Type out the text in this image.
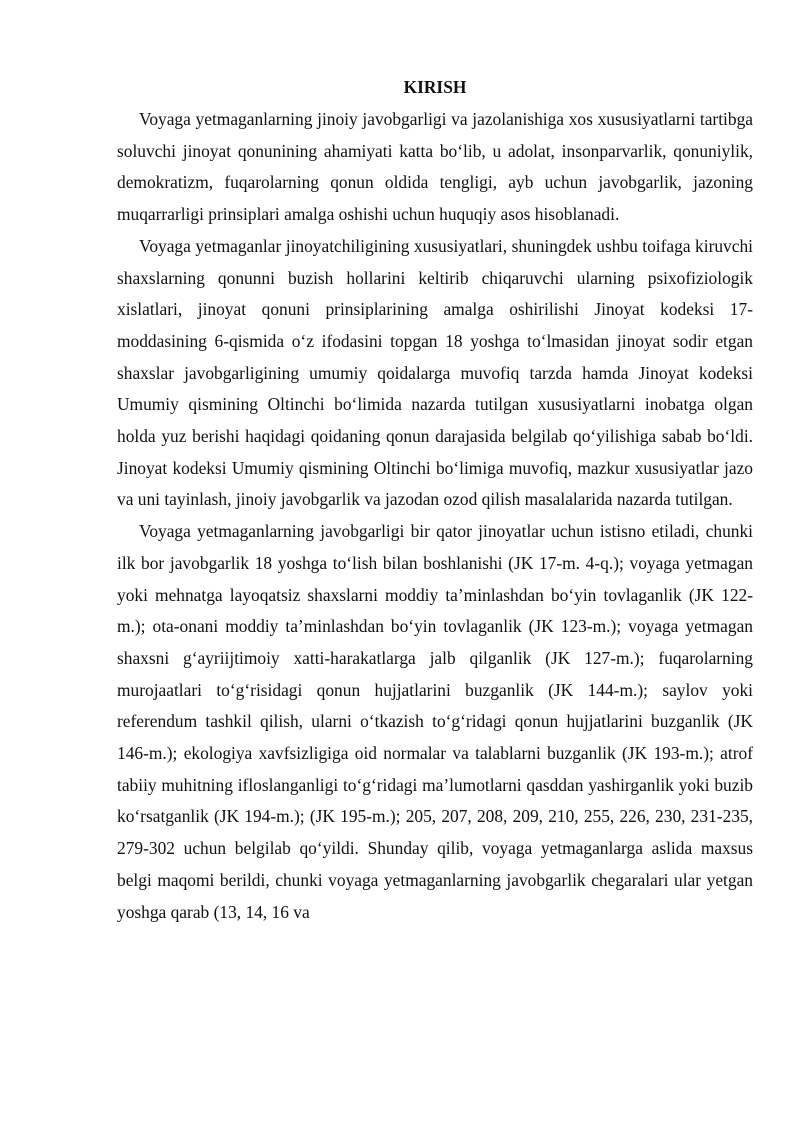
KIRISH

Voyaga yetmaganlarning jinoiy javobgarligi va jazolanishiga xos xususiyatlarni tartibga soluvchi jinoyat qonunining ahamiyati katta boʻlib, u adolat, insonparvarlik, qonuniylik, demokratizm, fuqarolarning qonun oldida tengligi, ayb uchun javobgarlik, jazoning muqarrarligi prinsiplari amalga oshishi uchun huquqiy asos hisoblanadi.

Voyaga yetmaganlar jinoyatchiligining xususiyatlari, shuningdek ushbu toifaga kiruvchi shaxslarning qonunni buzish hollarini keltirib chiqaruvchi ularning psixofiziologik xislatlari, jinoyat qonuni prinsiplarining amalga oshirilishi Jinoyat kodeksi 17-moddasining 6-qismida oʻz ifodasini topgan 18 yoshga toʻlmasidan jinoyat sodir etgan shaxslar javobgarligining umumiy qoidalarga muvofiq tarzda hamda Jinoyat kodeksi Umumiy qismining Oltinchi boʻlimida nazarda tutilgan xususiyatlarni inobatga olgan holda yuz berishi haqidagi qoidaning qonun darajasida belgilab qoʻyilishiga sabab boʻldi. Jinoyat kodeksi Umumiy qismining Oltinchi boʻlimiga muvofiq, mazkur xususiyatlar jazo va uni tayinlash, jinoiy javobgarlik va jazodan ozod qilish masalalarida nazarda tutilgan.

Voyaga yetmaganlarning javobgarligi bir qator jinoyatlar uchun istisno etiladi, chunki ilk bor javobgarlik 18 yoshga toʻlish bilan boshlanishi (JK 17-m. 4-q.); voyaga yetmagan yoki mehnatga layoqatsiz shaxslarni moddiy taʼminlashdan boʻyin tovlaganlik (JK 122-m.); ota-onani moddiy taʼminlashdan boʻyin tovlaganlik (JK 123-m.); voyaga yetmagan shaxsni gʻayriijtimoiy xatti-harakatlarga jalb qilganlik (JK 127-m.); fuqarolarning murojaatlari toʻgʻrisidagi qonun hujjatlarini buzganlik (JK 144-m.); saylov yoki referendum tashkil qilish, ularni oʻtkazish toʻgʻridagi qonun hujjatlarini buzganlik (JK 146-m.); ekologiya xavfsizligiga oid normalar va talablarni buzganlik (JK 193-m.); atrof tabiiy muhitning ifloslanganligi toʻgʻridagi maʼlumotlarni qasddan yashirganlik yoki buzib koʻrsatganlik (JK 194-m.); (JK 195-m.); 205, 207, 208, 209, 210, 255, 226, 230, 231-235, 279-302 uchun belgilab qoʻyildi. Shunday qilib, voyaga yetmaganlarga aslida maxsus belgi maqomi berildi, chunki voyaga yetmaganlarning javobgarlik chegaralari ular yetgan yoshga qarab (13, 14, 16 va
